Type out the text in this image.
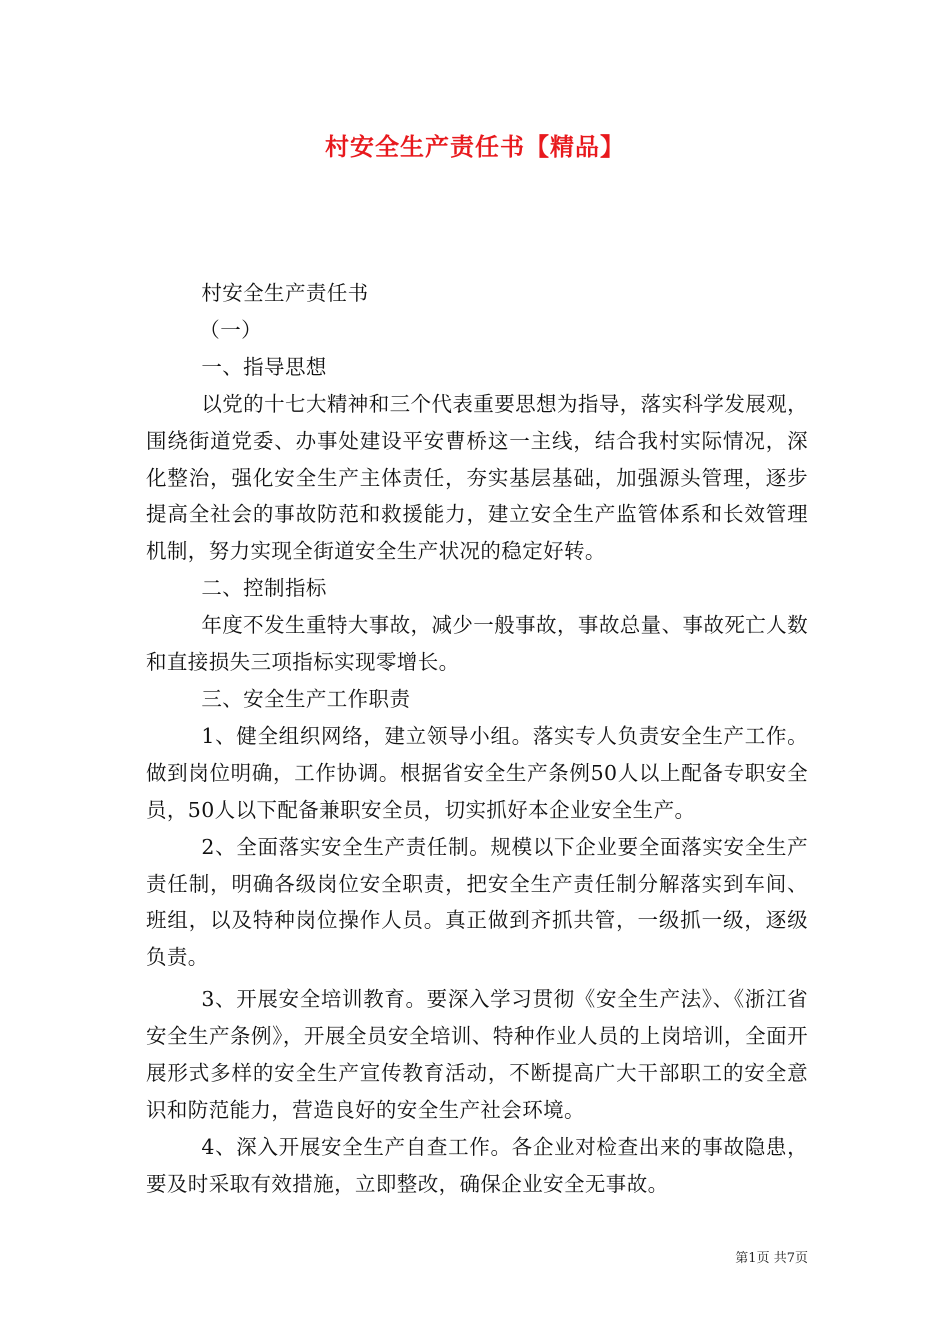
村安全生产责任书【精品】

村安全生产责任书

（一）

一、指导思想

以党的十七大精神和三个代表重要思想为指导，落实科学发展观，围绕街道党委、办事处建设平安曹桥这一主线，结合我村实际情况，深化整治，强化安全生产主体责任，夯实基层基础，加强源头管理，逐步提高全社会的事故防范和救援能力，建立安全生产监管体系和长效管理机制，努力实现全街道安全生产状况的稳定好转。

二、控制指标

年度不发生重特大事故，减少一般事故，事故总量、事故死亡人数和直接损失三项指标实现零增长。

三、安全生产工作职责

1、健全组织网络，建立领导小组。落实专人负责安全生产工作。做到岗位明确，工作协调。根据省安全生产条例50人以上配备专职安全员，50人以下配备兼职安全员，切实抓好本企业安全生产。

2、全面落实安全生产责任制。规模以下企业要全面落实安全生产责任制，明确各级岗位安全职责，把安全生产责任制分解落实到车间、班组，以及特种岗位操作人员。真正做到齐抓共管，一级抓一级，逐级负责。

3、开展安全培训教育。要深入学习贯彻《安全生产法》、《浙江省安全生产条例》，开展全员安全培训、特种作业人员的上岗培训，全面开展形式多样的安全生产宣传教育活动，不断提高广大干部职工的安全意识和防范能力，营造良好的安全生产社会环境。

4、深入开展安全生产自查工作。各企业对检查出来的事故隐患，要及时采取有效措施，立即整改，确保企业安全无事故。

第1页 共7页
